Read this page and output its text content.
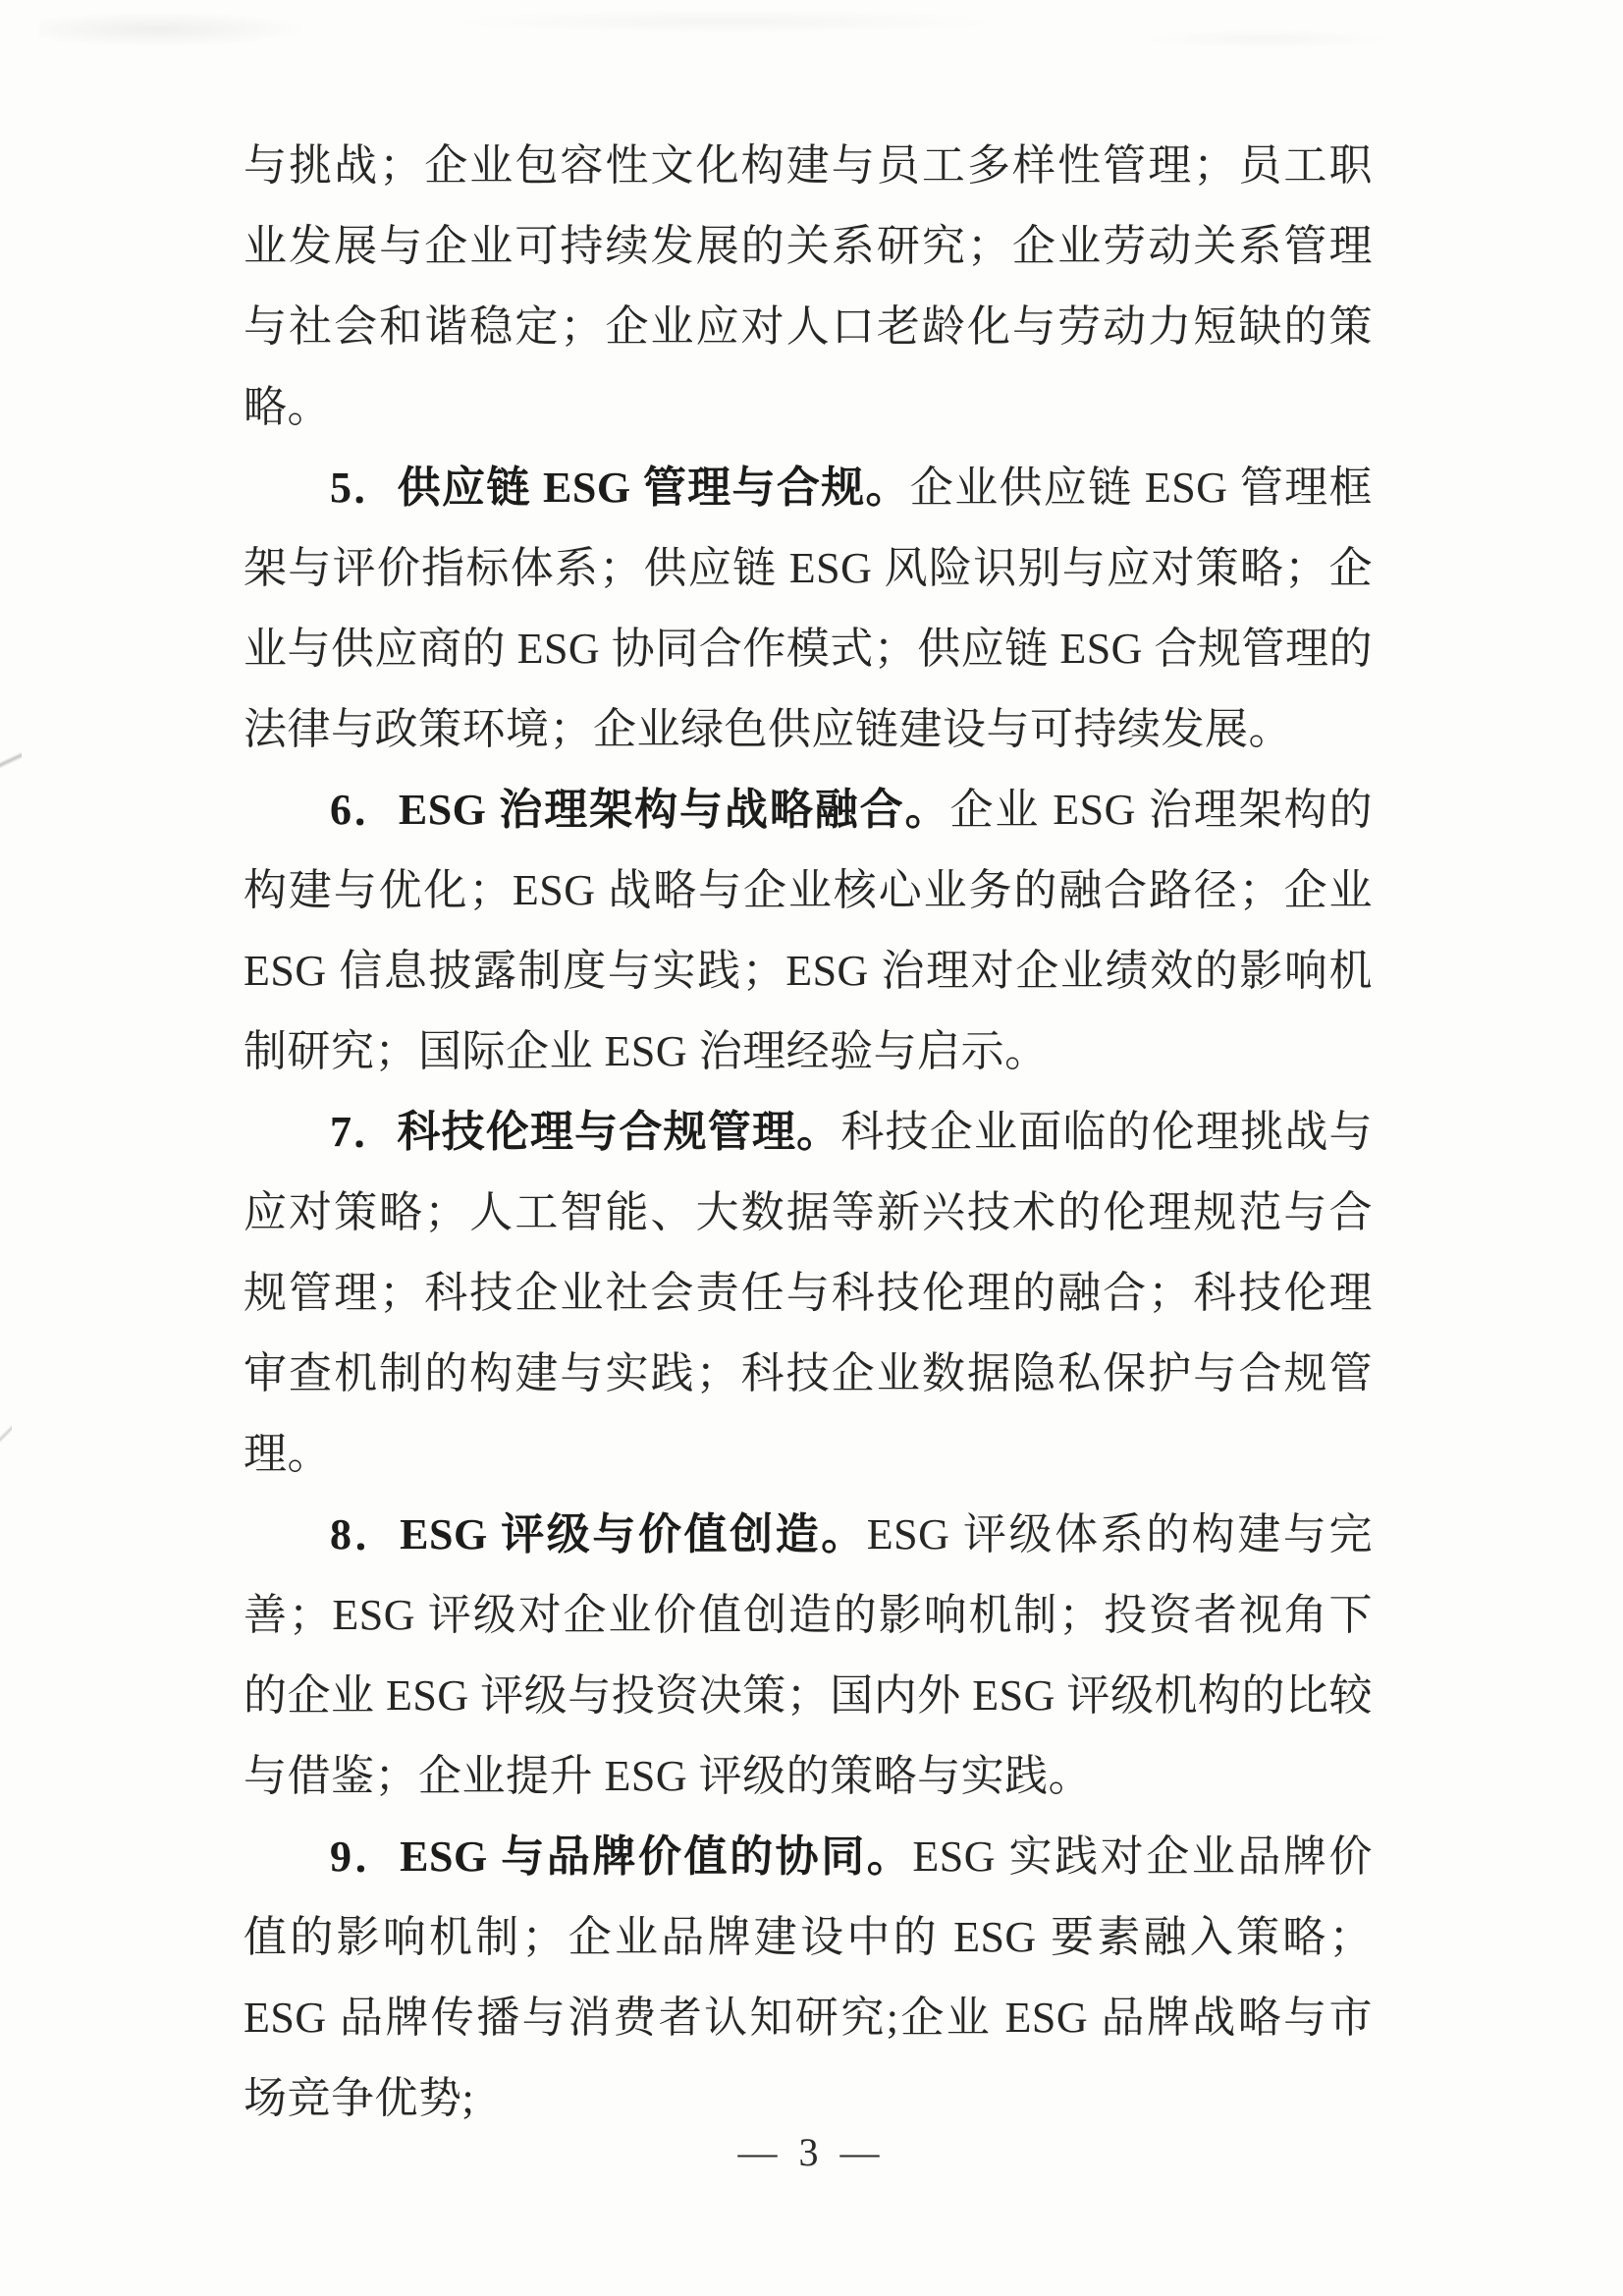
与挑战；企业包容性文化构建与员工多样性管理；员工职业发展与企业可持续发展的关系研究；企业劳动关系管理与社会和谐稳定；企业应对人口老龄化与劳动力短缺的策略。

5．供应链 ESG 管理与合规。企业供应链 ESG 管理框架与评价指标体系；供应链 ESG 风险识别与应对策略；企业与供应商的 ESG 协同合作模式；供应链 ESG 合规管理的法律与政策环境；企业绿色供应链建设与可持续发展。

6．ESG 治理架构与战略融合。企业 ESG 治理架构的构建与优化；ESG 战略与企业核心业务的融合路径；企业 ESG 信息披露制度与实践；ESG 治理对企业绩效的影响机制研究；国际企业 ESG 治理经验与启示。

7．科技伦理与合规管理。科技企业面临的伦理挑战与应对策略；人工智能、大数据等新兴技术的伦理规范与合规管理；科技企业社会责任与科技伦理的融合；科技伦理审查机制的构建与实践；科技企业数据隐私保护与合规管理。

8．ESG 评级与价值创造。ESG 评级体系的构建与完善；ESG 评级对企业价值创造的影响机制；投资者视角下的企业 ESG 评级与投资决策；国内外 ESG 评级机构的比较与借鉴；企业提升 ESG 评级的策略与实践。

9．ESG 与品牌价值的协同。ESG 实践对企业品牌价值的影响机制；企业品牌建设中的 ESG 要素融入策略；ESG 品牌传播与消费者认知研究;企业 ESG 品牌战略与市场竞争优势;

— 3 —
